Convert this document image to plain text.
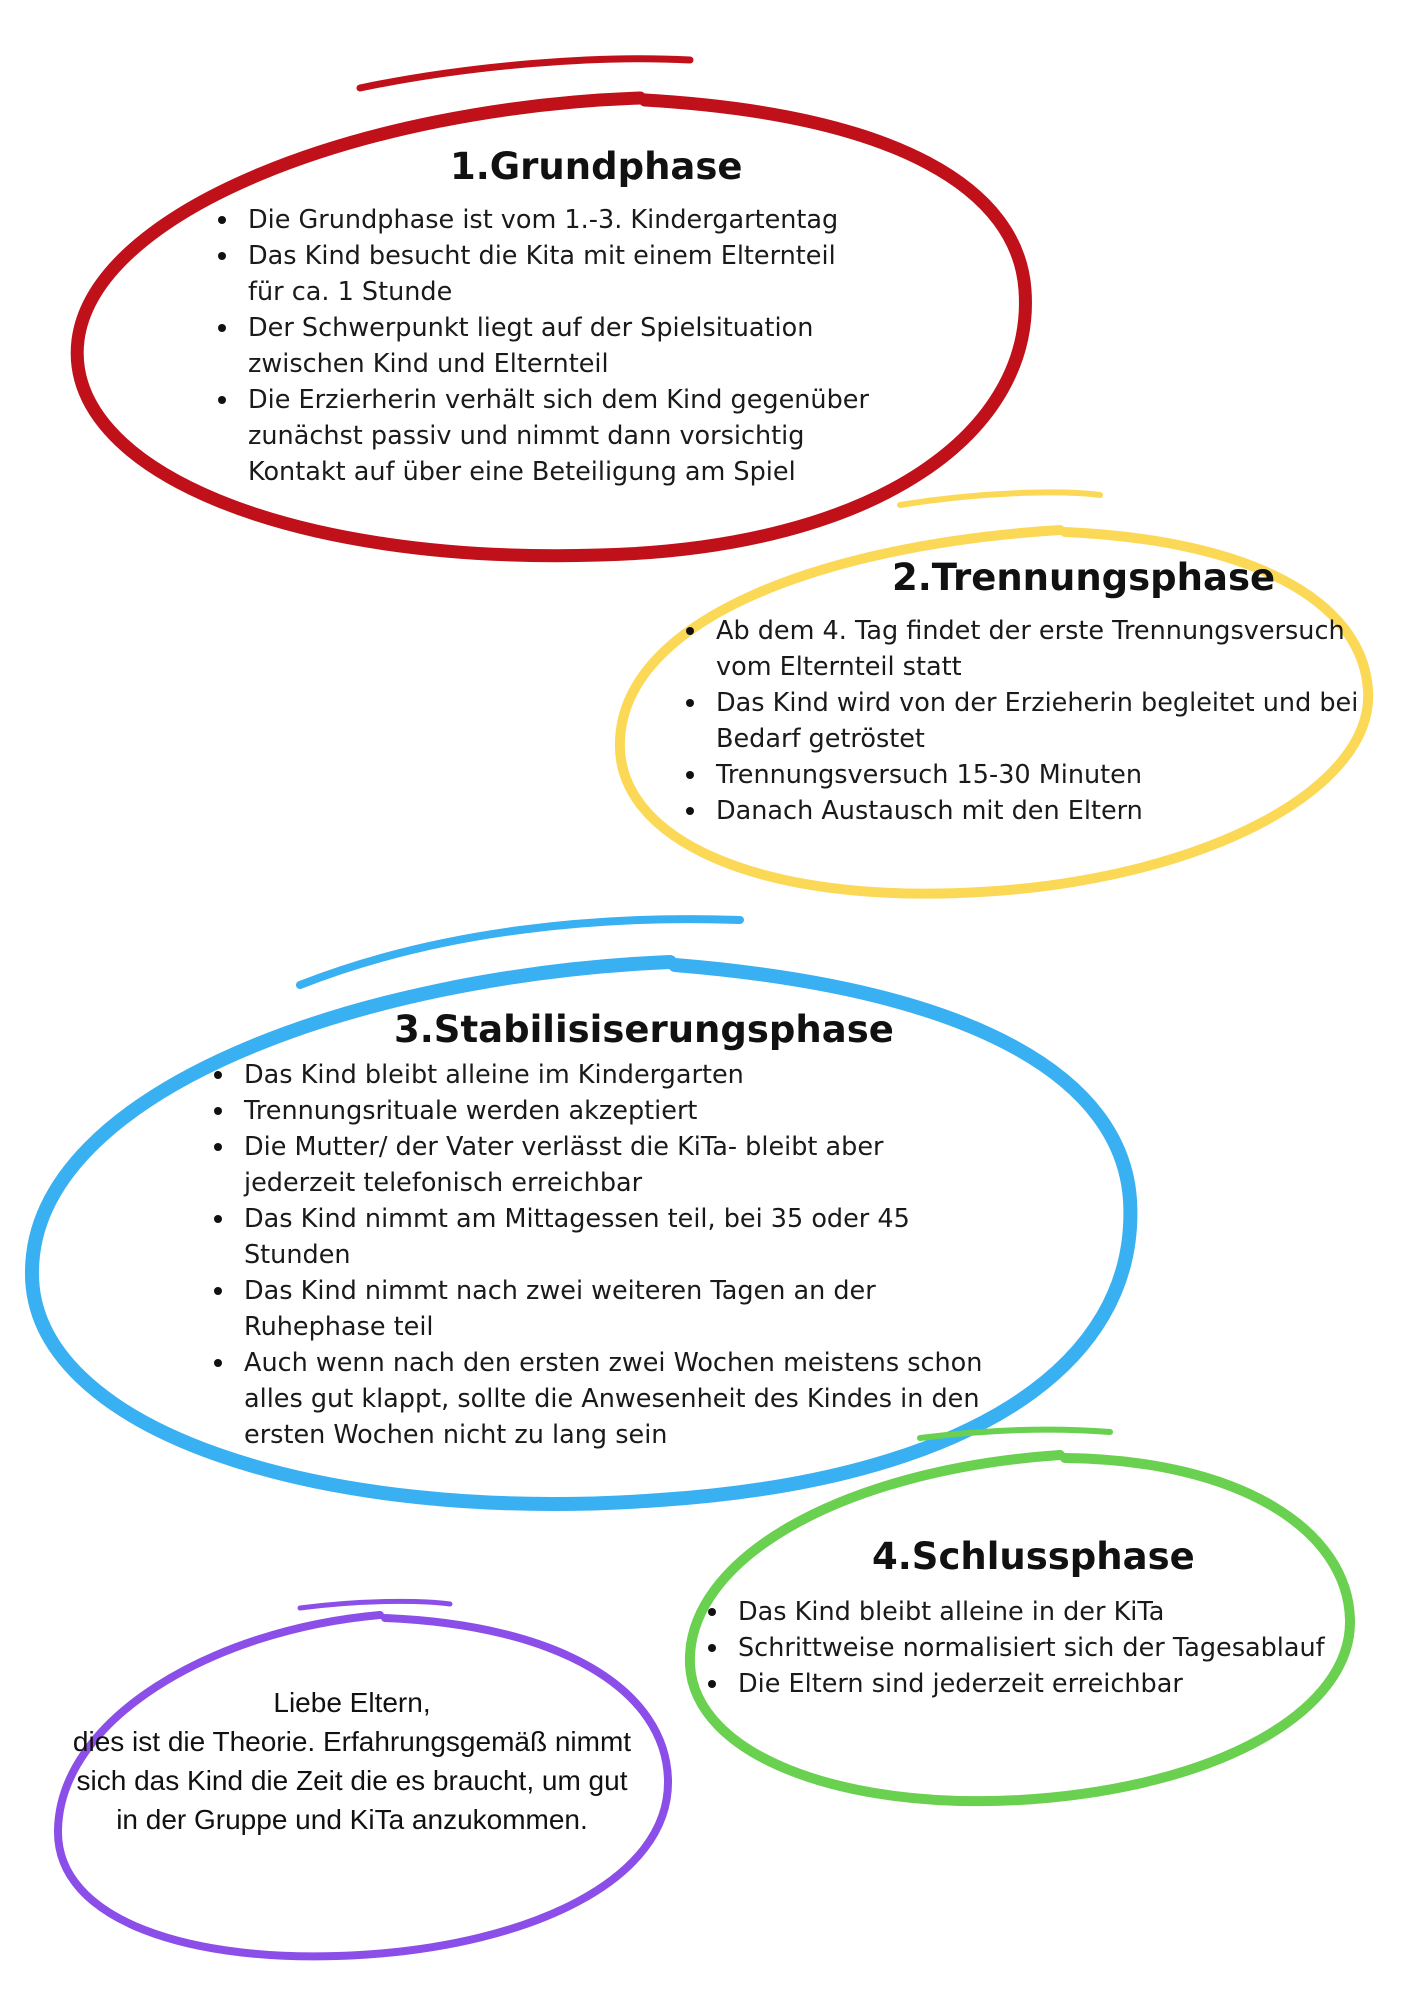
1.Grundphase
Die Grundphase ist vom 1.-3. Kindergartentag
Das Kind besucht die Kita mit einem Elternteil für ca. 1 Stunde
Der Schwerpunkt liegt auf der Spielsituation zwischen Kind und Elternteil
Die Erzierherin verhält sich dem Kind gegenüber zunächst passiv und nimmt dann vorsichtig Kontakt auf über eine Beteiligung am Spiel
2.Trennungsphase
Ab dem 4. Tag findet der erste Trennungsversuch vom Elternteil statt
Das Kind wird von der Erzieherin begleitet und bei Bedarf getröstet
Trennungsversuch 15-30 Minuten
Danach Austausch mit den Eltern
3.Stabilisiserungsphase
Das Kind bleibt alleine im Kindergarten
Trennungsrituale werden akzeptiert
Die Mutter/ der Vater verlässt die KiTa- bleibt aber jederzeit telefonisch erreichbar
Das Kind nimmt am Mittagessen teil, bei 35 oder 45 Stunden
Das Kind nimmt nach zwei weiteren Tagen an der Ruhephase teil
Auch wenn nach den ersten zwei Wochen meistens schon alles gut klappt, sollte die Anwesenheit des Kindes in den ersten Wochen nicht zu lang sein
4.Schlussphase
Das Kind bleibt alleine in der KiTa
Schrittweise normalisiert sich der Tagesablauf
Die Eltern sind jederzeit erreichbar

Liebe Eltern,

dies ist die Theorie. Erfahrungsgemäß nimmt sich das Kind die Zeit die es braucht, um gut in der Gruppe und KiTa anzukommen.
